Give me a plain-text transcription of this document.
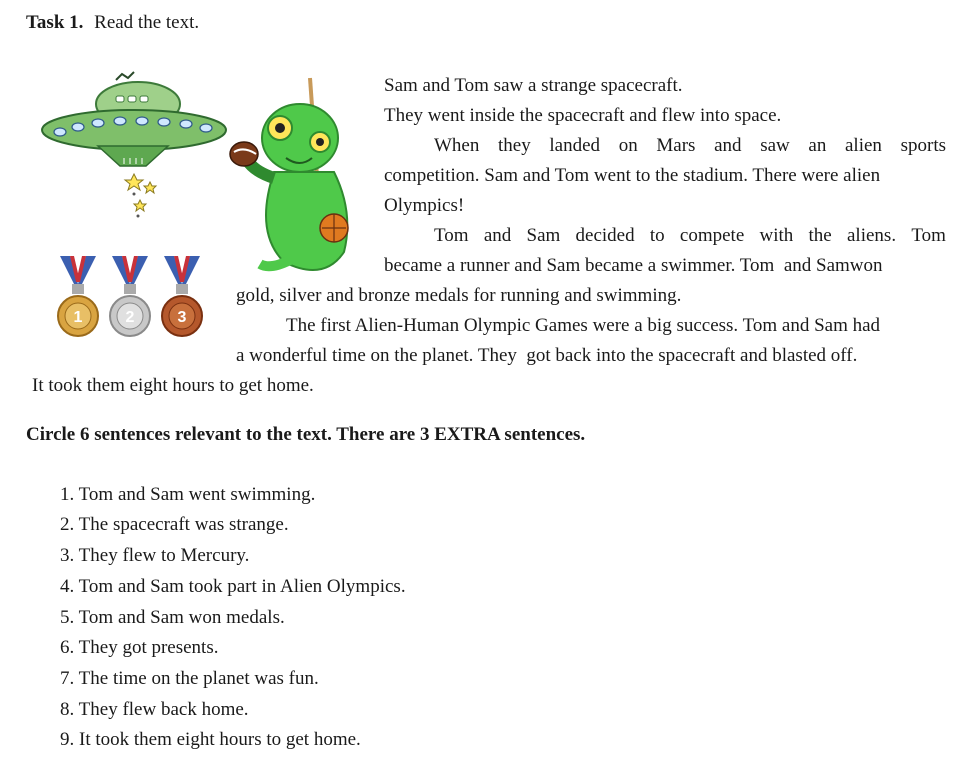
Task 1. Read the text.
1	2	3
Sam and Tom saw a strange spacecraft.
They went inside the spacecraft and flew into space.
When they landed on Mars and saw an alien sports
competition. Sam and Tom went to the stadium. There were alien
Olympics!
Tom and Sam decided to compete with the aliens. Tom
became a runner and Sam became a swimmer. Tom  and Samwon
gold, silver and bronze medals for running and swimming.
The first Alien-Human Olympic Games were a big success. Tom and Sam had
a wonderful time on the planet. They  got back into the spacecraft and blasted off.
It took them eight hours to get home.
Circle 6 sentences relevant to the text. There are 3 EXTRA sentences.
1. Tom and Sam went swimming.
2. The spacecraft was strange.
3. They flew to Mercury.
4. Tom and Sam took part in Alien Olympics.
5. Tom and Sam won medals.
6. They got presents.
7. The time on the planet was fun.
8. They flew back home.
9. It took them eight hours to get home.
